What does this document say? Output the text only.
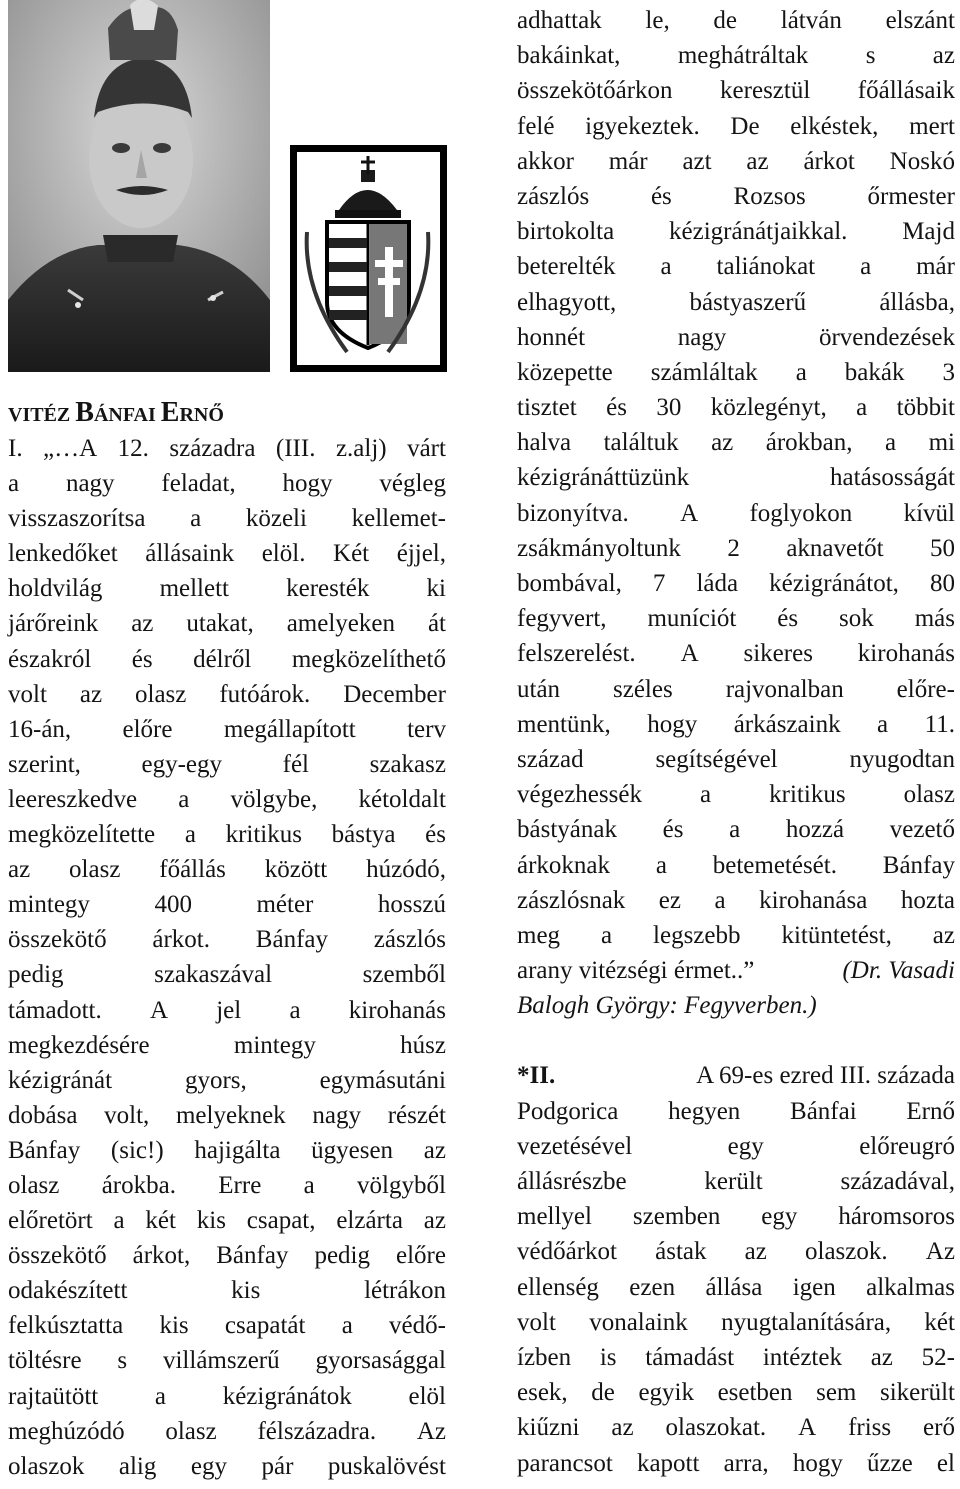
VITÉZ BÁNFAI ERNŐ
I. „…A 12. századra (III. z.alj) várt
a nagy feladat, hogy végleg
visszaszorítsa a közeli kellemet-
lenkedőket állásaink elöl. Két éjjel,
holdvilág mellett keresték ki
járőreink az utakat, amelyeken át
északról és délről megközelíthető
volt az olasz futóárok. December
16-án, előre megállapított terv
szerint, egy-egy fél szakasz
leereszkedve a völgybe, kétoldalt
megközelítette a kritikus bástya és
az olasz főállás között húzódó,
mintegy	400	méter	hosszú
összekötő árkot. Bánfay zászlós
pedig	szakaszával	szemből
támadott. A jel a kirohanás
megkezdésére	mintegy	húsz
kézigránát	gyors,	egymásutáni
dobása volt, melyeknek nagy részét
Bánfay (sic!) hajigálta ügyesen az
olasz árokba. Erre a völgyből
előretört a két kis csapat, elzárta az
összekötő árkot, Bánfay pedig előre
odakészített	kis	létrákon
felkúsztatta kis csapatát a védő-
töltésre s villámszerű gyorsasággal
rajtaütött a kézigránátok elöl
meghúzódó olasz félszázadra. Az
olaszok alig egy pár puskalövést
adhattak le, de látván elszánt
bakáinkat, meghátráltak s az
összekötőárkon keresztül főállásaik
felé igyekeztek. De elkéstek, mert
akkor már azt az árkot Noskó
zászlós és Rozsos őrmester
birtokolta kézigránátjaikkal. Majd
beterelték a taliánokat a már
elhagyott,	bástyaszerű	állásba,
honnét	nagy	örvendezések
közepette számláltak a bakák 3
tisztet és 30 közlegényt, a többit
halva találtuk az árokban, a mi
kézigránáttüzünk	hatásosságát
bizonyítva. A foglyokon kívül
zsákmányoltunk 2 aknavetőt 50
bombával, 7 láda kézigránátot, 80
fegyvert, muníciót és sok más
felszerelést. A sikeres kirohanás
után széles rajvonalban előre-
mentünk, hogy árkászaink a 11.
század	segítségével	nyugodtan
végezhessék a kritikus olasz
bástyának és a hozzá vezető
árkoknak a betemetését. Bánfay
zászlósnak ez a kirohanása hozta
meg a legszebb kitüntetést, az
arany vitézségi érmet..”	(Dr. Vasadi
Balogh György: Fegyverben.)
*II.	A 69-es ezred III. százada
Podgorica hegyen Bánfai Ernő
vezetésével	egy	előreugró
állásrészbe	került	századával,
mellyel szemben egy háromsoros
védőárkot ástak az olaszok. Az
ellenség ezen állása igen alkalmas
volt vonalaink nyugtalanítására, két
ízben is támadást intéztek az 52-
esek, de egyik esetben sem sikerült
kiűzni az olaszokat. A friss erő
parancsot kapott arra, hogy űzze el
